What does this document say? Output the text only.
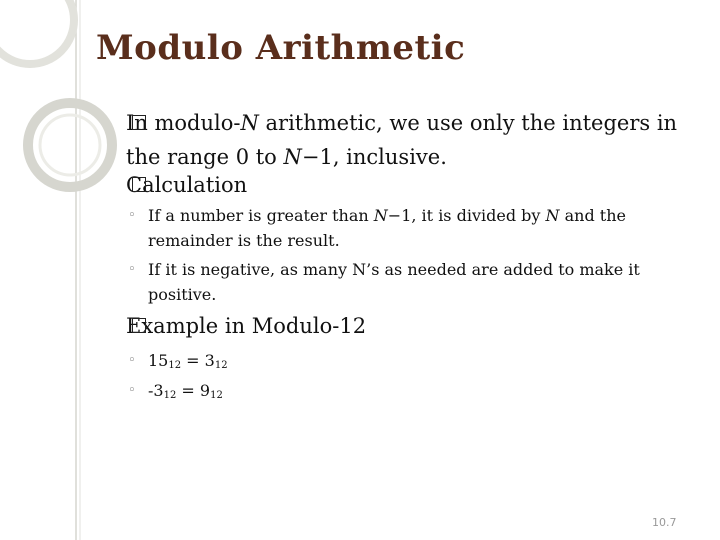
Modulo Arithmetic
In modulo-N arithmetic, we use only the integers in the range 0 to N−1, inclusive.
Calculation
◦ If a number is greater than N−1, it is divided by N and the remainder is the result.
◦ If it is negative, as many N’s as needed are added to make it positive.
Example in Modulo-12
◦ $15_{12} = 3_{12}$
◦ $-3_{12} = 9_{12}$
10.7
